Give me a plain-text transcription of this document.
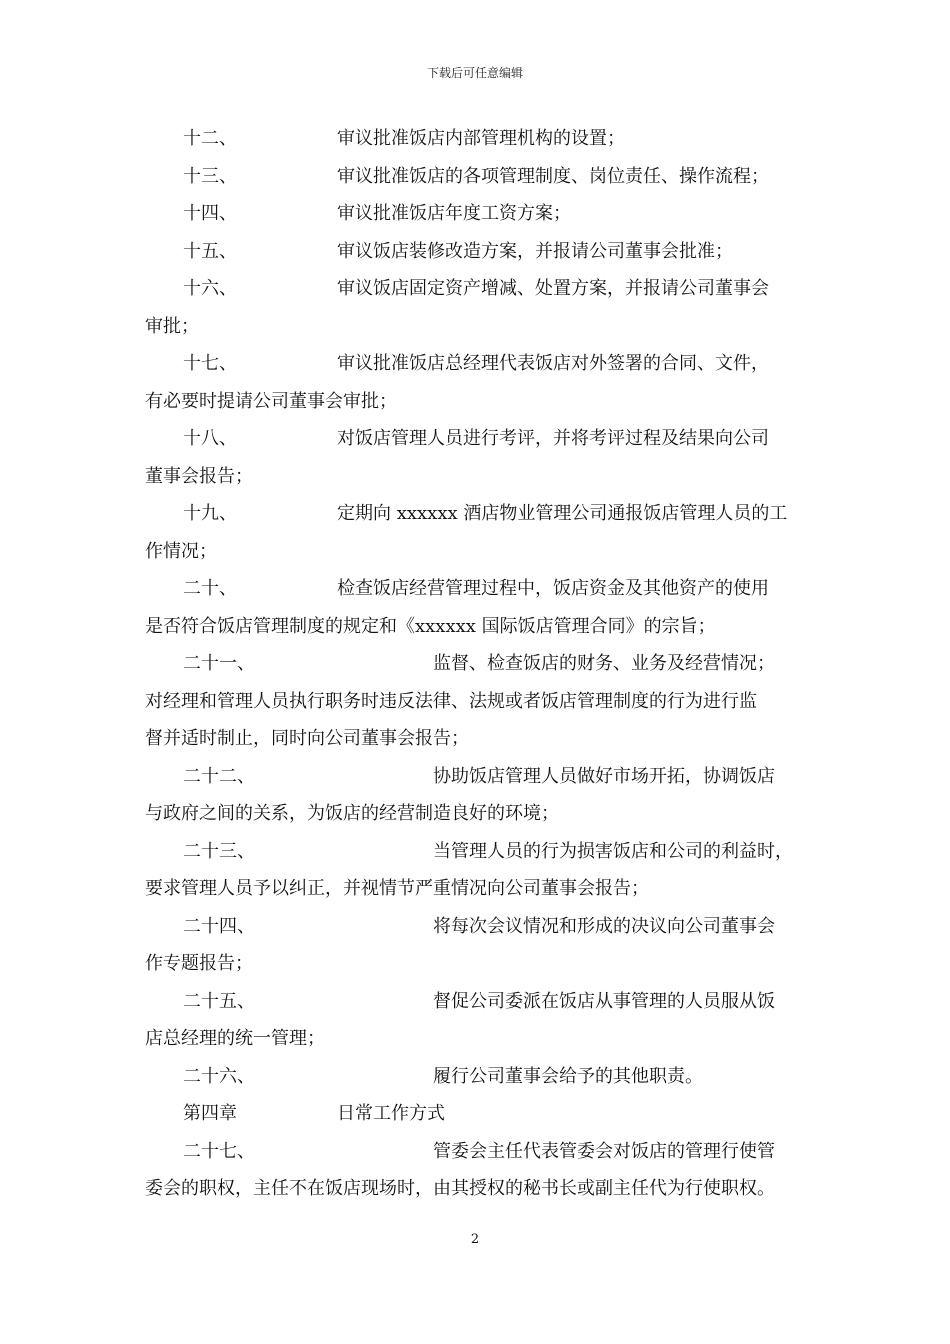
下载后可任意编辑
十二、	审议批准饭店内部管理机构的设置；
十三、	审议批准饭店的各项管理制度、岗位责任、操作流程；
十四、	审议批准饭店年度工资方案；
十五、	审议饭店装修改造方案，并报请公司董事会批准；
十六、	审议饭店固定资产增减、处置方案，并报请公司董事会
审批；
十七、	审议批准饭店总经理代表饭店对外签署的合同、文件，
有必要时提请公司董事会审批；
十八、	对饭店管理人员进行考评，并将考评过程及结果向公司
董事会报告；
十九、	定期向 xxxxxx 酒店物业管理公司通报饭店管理人员的工
作情况；
二十、	检查饭店经营管理过程中，饭店资金及其他资产的使用
是否符合饭店管理制度的规定和《xxxxxx 国际饭店管理合同》的宗旨；
二十一、	监督、检查饭店的财务、业务及经营情况；
对经理和管理人员执行职务时违反法律、法规或者饭店管理制度的行为进行监
督并适时制止，同时向公司董事会报告；
二十二、	协助饭店管理人员做好市场开拓，协调饭店
与政府之间的关系，为饭店的经营制造良好的环境；
二十三、	当管理人员的行为损害饭店和公司的利益时，
要求管理人员予以纠正，并视情节严重情况向公司董事会报告；
二十四、	将每次会议情况和形成的决议向公司董事会
作专题报告；
二十五、	督促公司委派在饭店从事管理的人员服从饭
店总经理的统一管理；
二十六、	履行公司董事会给予的其他职责。
第四章	日常工作方式
二十七、	管委会主任代表管委会对饭店的管理行使管
委会的职权，主任不在饭店现场时，由其授权的秘书长或副主任代为行使职权。
2
